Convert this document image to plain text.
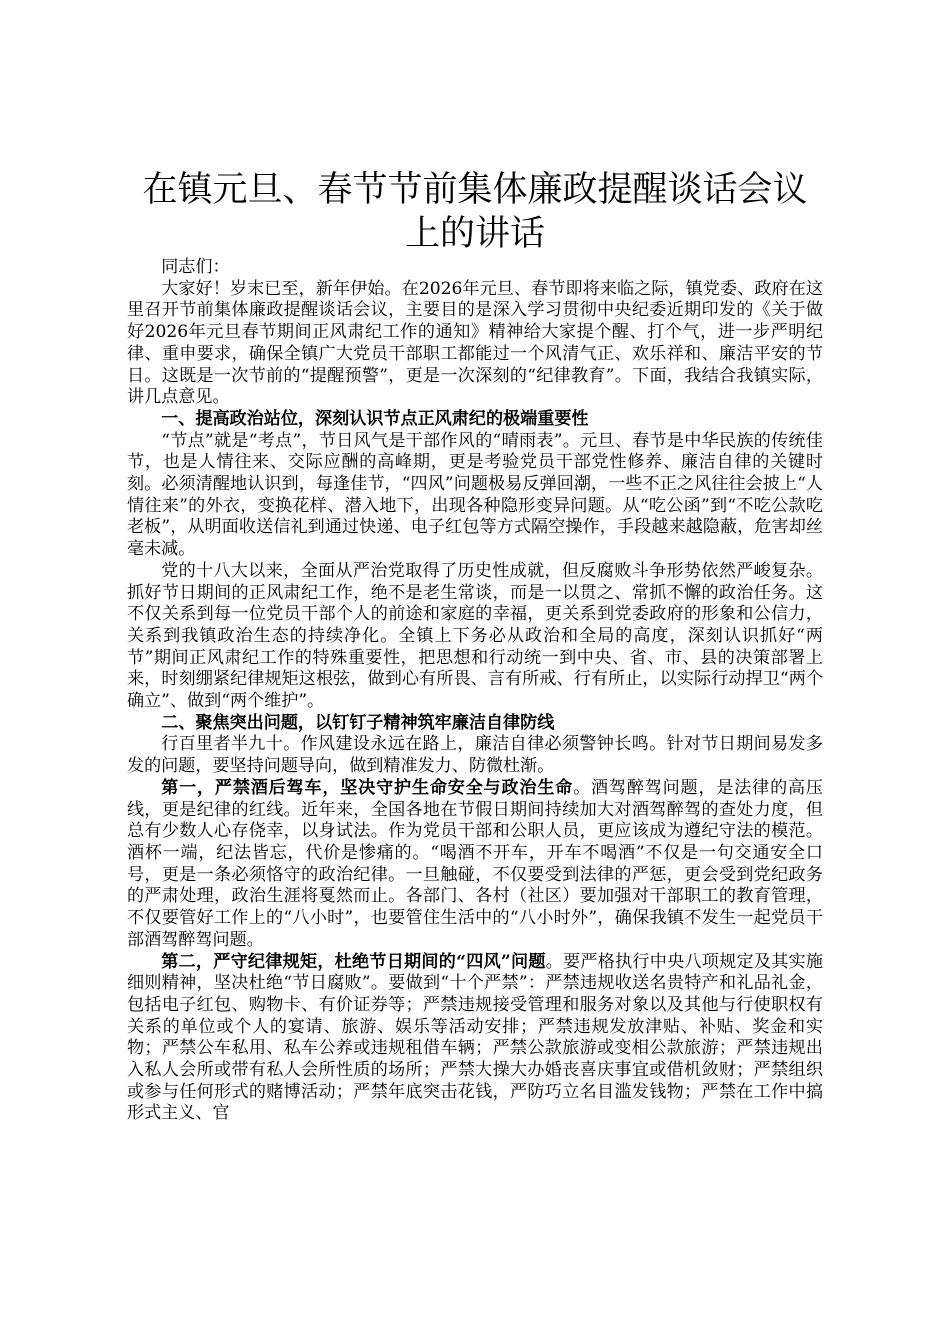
在镇元旦、春节节前集体廉政提醒谈话会议上的讲话

同志们：

大家好！岁末已至，新年伊始。在2026年元旦、春节即将来临之际，镇党委、政府在这里召开节前集体廉政提醒谈话会议，主要目的是深入学习贯彻中央纪委近期印发的《关于做好2026年元旦春节期间正风肃纪工作的通知》精神给大家提个醒、打个气，进一步严明纪律、重申要求，确保全镇广大党员干部职工都能过一个风清气正、欢乐祥和、廉洁平安的节日。这既是一次节前的“提醒预警”，更是一次深刻的“纪律教育”。下面，我结合我镇实际，讲几点意见。

一、提高政治站位，深刻认识节点正风肃纪的极端重要性

“节点”就是“考点”，节日风气是干部作风的“晴雨表”。元旦、春节是中华民族的传统佳节，也是人情往来、交际应酬的高峰期，更是考验党员干部党性修养、廉洁自律的关键时刻。必须清醒地认识到，每逢佳节，“四风”问题极易反弹回潮，一些不正之风往往会披上“人情往来”的外衣，变换花样、潜入地下，出现各种隐形变异问题。从“吃公函”到“不吃公款吃老板”，从明面收送信礼到通过快递、电子红包等方式隔空操作，手段越来越隐蔽，危害却丝毫未减。

党的十八大以来，全面从严治党取得了历史性成就，但反腐败斗争形势依然严峻复杂。抓好节日期间的正风肃纪工作，绝不是老生常谈，而是一以贯之、常抓不懈的政治任务。这不仅关系到每一位党员干部个人的前途和家庭的幸福，更关系到党委政府的形象和公信力，关系到我镇政治生态的持续净化。全镇上下务必从政治和全局的高度，深刻认识抓好“两节”期间正风肃纪工作的特殊重要性，把思想和行动统一到中央、省、市、县的决策部署上来，时刻绷紧纪律规矩这根弦，做到心有所畏、言有所戒、行有所止，以实际行动捍卫“两个确立”、做到“两个维护”。

二、聚焦突出问题，以钉钉子精神筑牢廉洁自律防线

行百里者半九十。作风建设永远在路上，廉洁自律必须警钟长鸣。针对节日期间易发多发的问题，要坚持问题导向，做到精准发力、防微杜渐。

第一，严禁酒后驾车，坚决守护生命安全与政治生命。酒驾醉驾问题，是法律的高压线，更是纪律的红线。近年来，全国各地在节假日期间持续加大对酒驾醉驾的查处力度，但总有少数人心存侥幸，以身试法。作为党员干部和公职人员，更应该成为遵纪守法的模范。酒杯一端，纪法皆忘，代价是惨痛的。“喝酒不开车，开车不喝酒”不仅是一句交通安全口号，更是一条必须恪守的政治纪律。一旦触碰，不仅要受到法律的严惩，更会受到党纪政务的严肃处理，政治生涯将戛然而止。各部门、各村（社区）要加强对干部职工的教育管理，不仅要管好工作上的“八小时”，也要管住生活中的“八小时外”，确保我镇不发生一起党员干部酒驾醉驾问题。

第二，严守纪律规矩，杜绝节日期间的“四风”问题。要严格执行中央八项规定及其实施细则精神，坚决杜绝“节日腐败”。要做到“十个严禁”：严禁违规收送名贵特产和礼品礼金，包括电子红包、购物卡、有价证券等；严禁违规接受管理和服务对象以及其他与行使职权有关系的单位或个人的宴请、旅游、娱乐等活动安排；严禁违规发放津贴、补贴、奖金和实物；严禁公车私用、私车公养或违规租借车辆；严禁公款旅游或变相公款旅游；严禁违规出入私人会所或带有私人会所性质的场所；严禁大操大办婚丧喜庆事宜或借机敛财；严禁组织或参与任何形式的赌博活动；严禁年底突击花钱，严防巧立名目滥发钱物；严禁在工作中搞形式主义、官
